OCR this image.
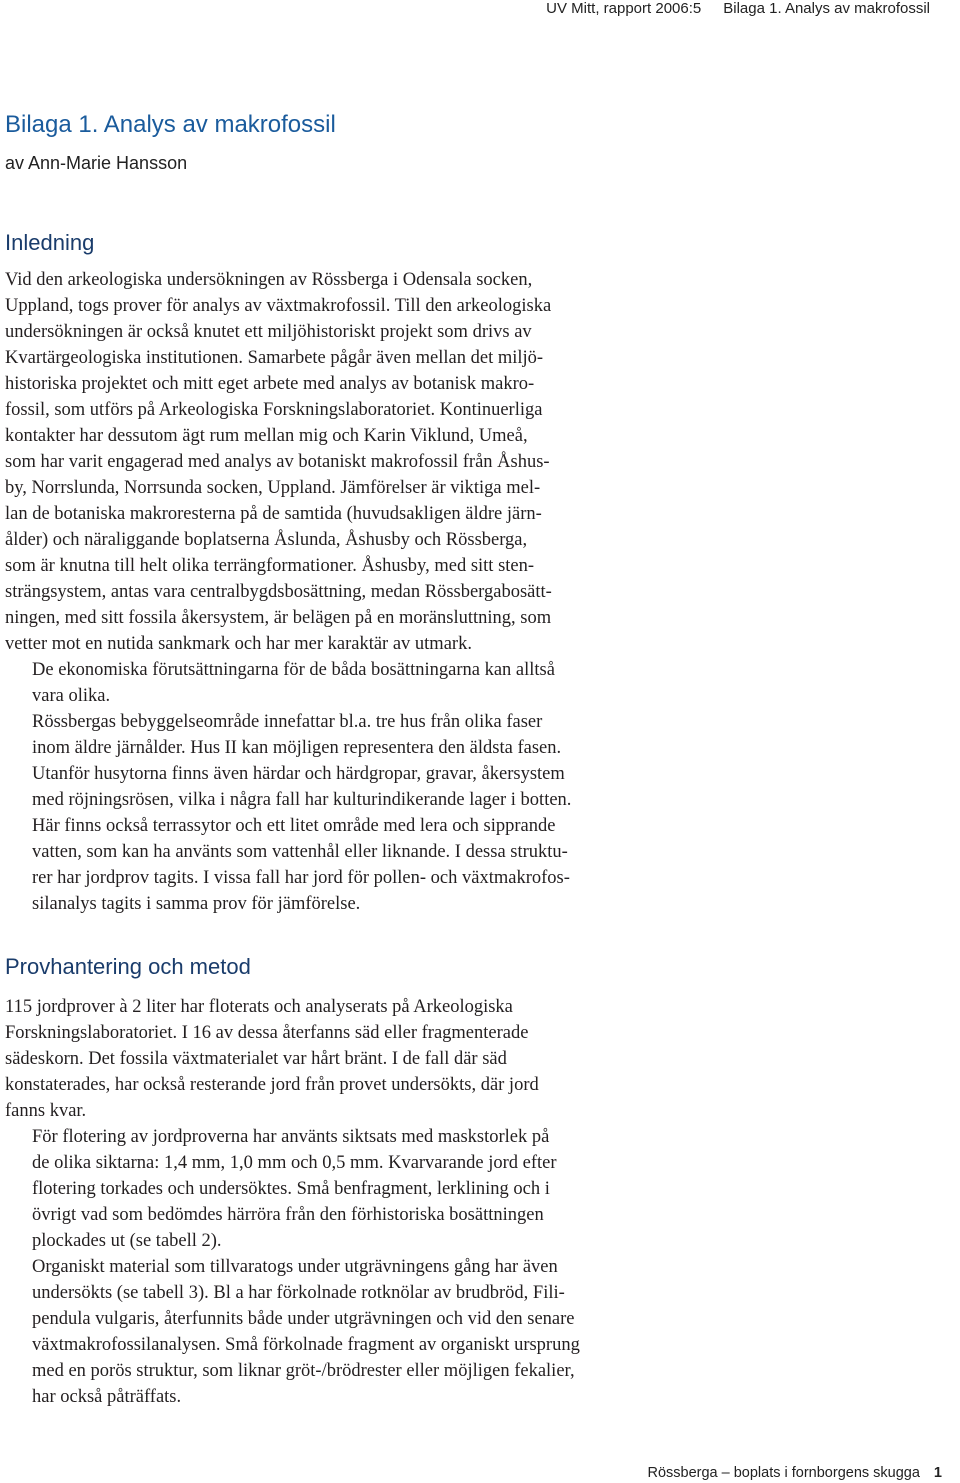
UV Mitt, rapport 2006:5 Bilaga 1. Analys av makrofossil
Bilaga 1. Analys av makrofossil
av Ann-Marie Hansson
Inledning

Vid den arkeologiska undersökningen av Rössberga i Odensala socken,
Uppland, togs prover för analys av växtmakrofossil. Till den arkeologiska
undersökningen är också knutet ett miljöhistoriskt projekt som drivs av
Kvartärgeologiska institutionen. Samarbete pågår även mellan det miljö-
historiska projektet och mitt eget arbete med analys av botanisk makro-
fossil, som utförs på Arkeologiska Forskningslaboratoriet. Kontinuerliga
kontakter har dessutom ägt rum mellan mig och Karin Viklund, Umeå,
som har varit engagerad med analys av botaniskt makrofossil från Åshus-
by, Norrslunda, Norrsunda socken, Uppland. Jämförelser är viktiga mel-
lan de botaniska makroresterna på de samtida (huvudsakligen äldre järn-
ålder) och näraliggande boplatserna Åslunda, Åshusby och Rössberga,
som är knutna till helt olika terrängformationer. Åshusby, med sitt sten-
strängsystem, antas vara centralbygdsbosättning, medan Rössbergabosätt-
ningen, med sitt fossila åkersystem, är belägen på en moränsluttning, som
vetter mot en nutida sankmark och har mer karaktär av utmark.

De ekonomiska förutsättningarna för de båda bosättningarna kan alltså
vara olika.

Rössbergas bebyggelseområde innefattar bl.a. tre hus från olika faser
inom äldre järnålder. Hus II kan möjligen representera den äldsta fasen.
Utanför husytorna finns även härdar och härdgropar, gravar, åkersystem
med röjningsrösen, vilka i några fall har kulturindikerande lager i botten.
Här finns också terrassytor och ett litet område med lera och sipprande
vatten, som kan ha använts som vattenhål eller liknande. I dessa struktu-
rer har jordprov tagits. I vissa fall har jord för pollen- och växtmakrofos-
silanalys tagits i samma prov för jämförelse.

Provhantering och metod

115 jordprover à 2 liter har floterats och analyserats på Arkeologiska
Forskningslaboratoriet. I 16 av dessa återfanns säd eller fragmenterade
sädeskorn. Det fossila växtmaterialet var hårt bränt. I de fall där säd
konstaterades, har också resterande jord från provet undersökts, där jord
fanns kvar.

För flotering av jordproverna har använts siktsats med maskstorlek på
de olika siktarna: 1,4 mm, 1,0 mm och 0,5 mm. Kvarvarande jord efter
flotering torkades och undersöktes. Små benfragment, lerklining och i
övrigt vad som bedömdes härröra från den förhistoriska bosättningen
plockades ut (se tabell 2).

Organiskt material som tillvaratogs under utgrävningens gång har även
undersökts (se tabell 3). Bl a har förkolnade rotknölar av brudbröd, Fili-
pendula vulgaris, återfunnits både under utgrävningen och vid den senare
växtmakrofossilanalysen. Små förkolnade fragment av organiskt ursprung
med en porös struktur, som liknar gröt-/brödrester eller möjligen fekalier,
har också påträffats.

Rössberga – boplats i fornborgens skugga 1
